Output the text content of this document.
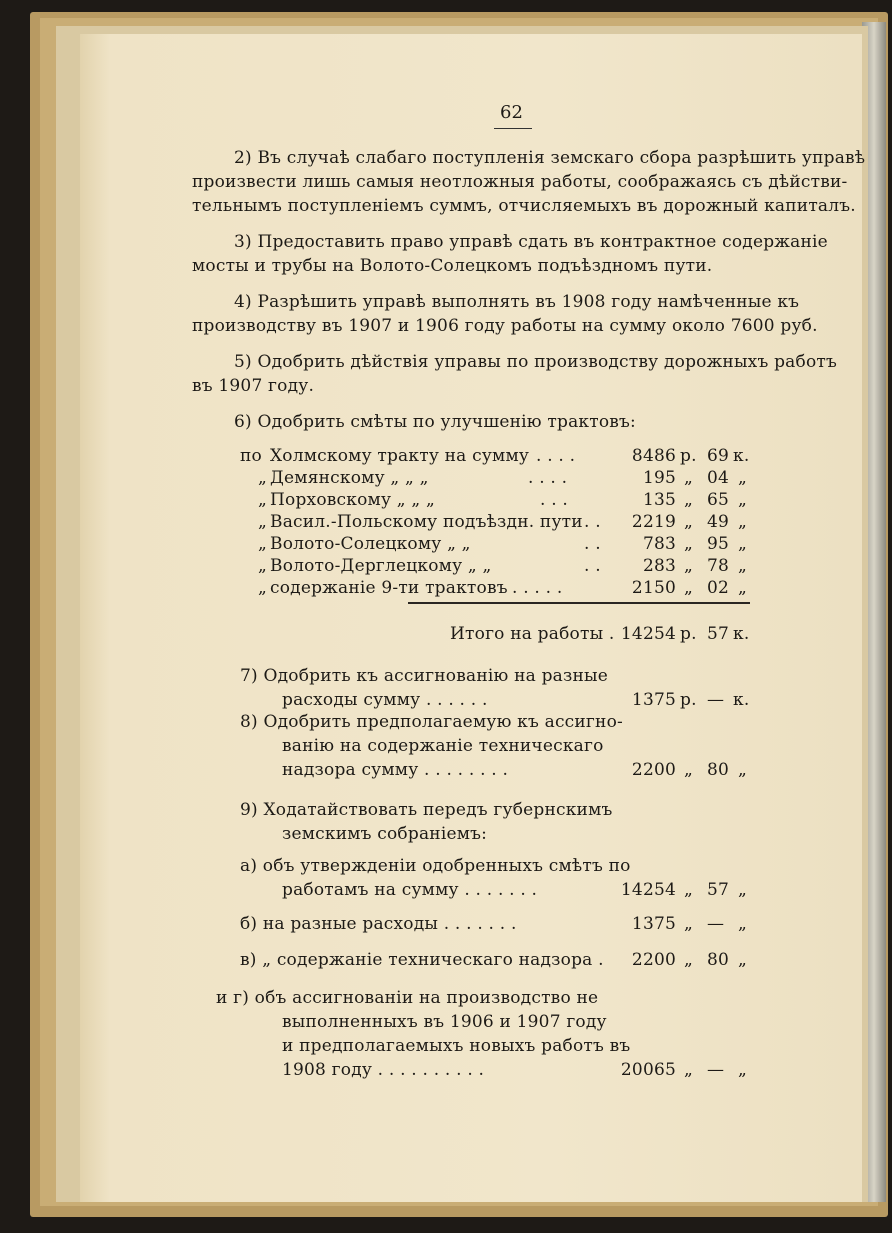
62
2) Въ случаѣ слабаго поступленія земскаго сбора разрѣшить управѣ
произвести лишь самыя неотложныя работы, соображаясь съ дѣйстви-
тельнымъ поступленіемъ суммъ, отчисляемыхъ въ дорожный капиталъ.
3) Предоставить право управѣ сдать въ контрактное содержаніе
мосты и трубы на Волото-Солецкомъ подъѣздномъ пути.
4) Разрѣшить управѣ выполнять въ 1908 году намѣченные къ
производству въ 1907 и 1906 году работы на сумму около 7600 руб.
5) Одобрить дѣйствія управы по производству дорожныхъ работъ
въ 1907 году.
6) Одобрить смѣты по улучшенію трактовъ:
по Холмскому тракту на сумму . . . .	8486 р. 69 к.
„ Демянскому „ „ „	. . . .	195 „ 04 „
„ Порховскому „ „ „	. . .	135 „ 65 „
„ Васил.-Польскому подъѣздн. пути . .	2219 „ 49 „
„ Волото-Солецкому „ „	. .	783 „ 95 „
„ Волото-Дерглецкому „ „	. .	283 „ 78 „
„ содержаніе 9-ти трактовъ . . . . .	2150 „ 02 „
Итого на работы . 14254 р. 57 к.
7) Одобрить къ ассигнованію на разные
расходы сумму . . . . . .	1375 р. — к.
8) Одобрить предполагаемую къ ассигно-
ванію на содержаніе техническаго
надзора сумму . . . . . . . .	2200 „ 80 „
9) Ходатайствовать передъ губернскимъ
земскимъ собраніемъ:
а) объ утвержденіи одобренныхъ смѣтъ по
работамъ на сумму . . . . . . .	14254 „ 57 „
б) на разные расходы . . . . . . .	1375 „ — „
в) „ содержаніе техническаго надзора .	2200 „ 80 „
и г) объ ассигнованіи на производство не
выполненныхъ въ 1906 и 1907 году
и предполагаемыхъ новыхъ работъ въ
1908 году . . . . . . . . . .	20065 „ — „
